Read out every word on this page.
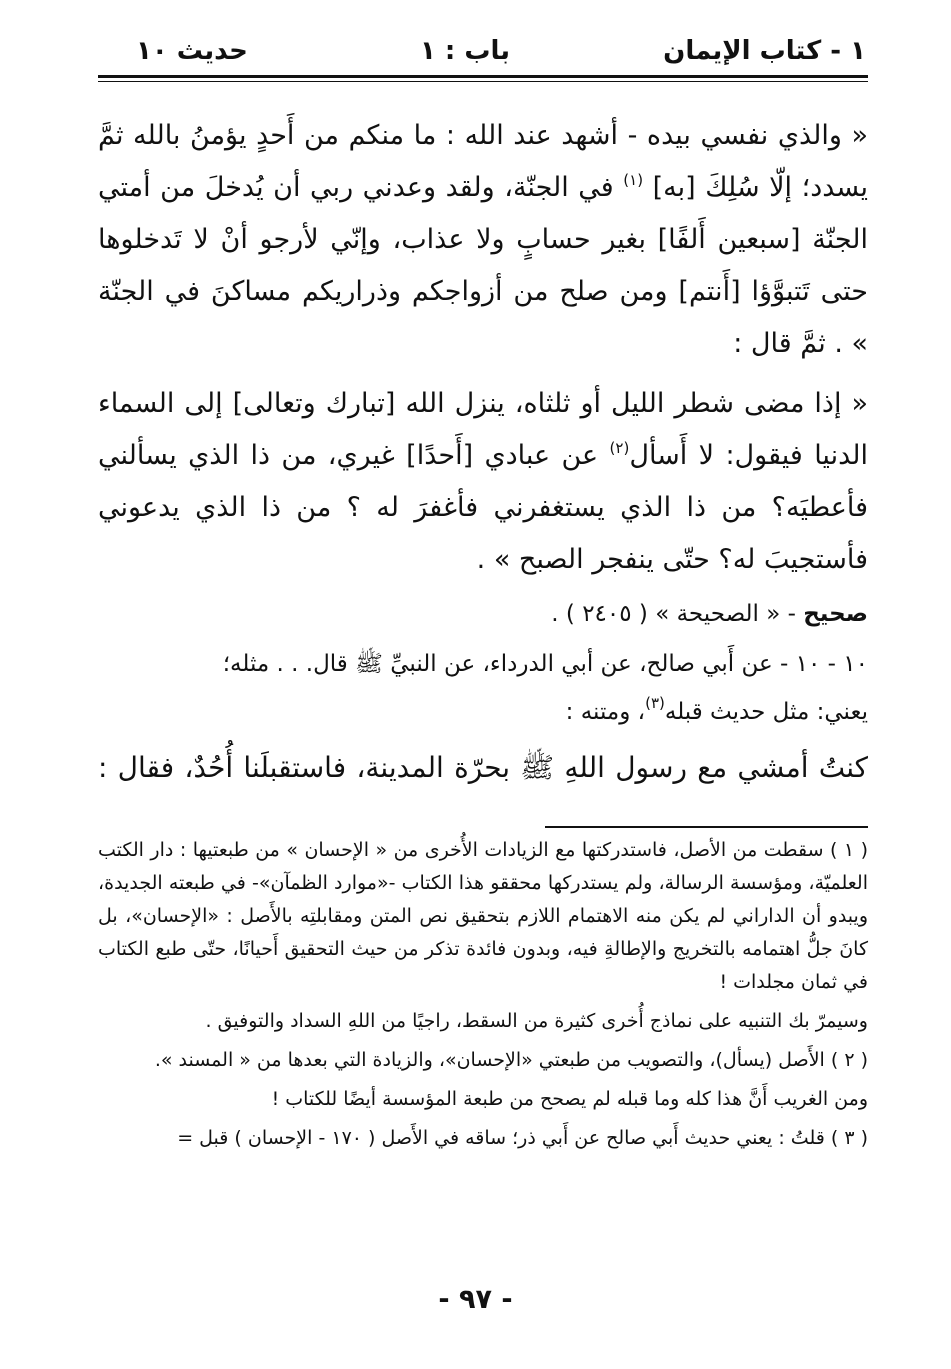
١ - كتاب الإيمان
باب : ١
حديث ١٠

« والذي نفسي بيده - أشهد عند الله : ما منكم من أَحدٍ يؤمنُ بالله ثمَّ يسدد؛ إلّا سُلِكَ [به] $^{(١)}$ في الجنّة، ولقد وعدني ربي أن يُدخلَ من أمتي الجنّة [سبعين أَلفًا] بغير حسابٍ ولا عذاب، وإنّي لأرجو أنْ لا تَدخلوها حتى تَتبوَّؤا [أَنتم] ومن صلح من أزواجكم وذراريكم مساكنَ في الجنّة » . ثمَّ قال :

« إذا مضى شطر الليل أو ثلثاه، ينزل الله [تبارك وتعالى] إلى السماء الدنيا فيقول: لا أَسأل$^{(٢)}$ عن عبادي [أَحدًا] غيري، من ذا الذي يسألني فأعطيَه؟ من ذا الذي يستغفرني فأغفرَ له ؟ من ذا الذي يدعوني فأستجيبَ له؟ حتّى ينفجر الصبح » .

صحيح - « الصحيحة » ( ٢٤٠٥ ) .

١٠ - ١٠ - عن أَبي صالح، عن أبي الدرداء، عن النبيِّ ﷺ قال. . . مثله؛

يعني: مثل حديث قبله$^{(٣)}$، ومتنه :

كنتُ أمشي مع رسول اللهِ ﷺ بحرّة المدينة، فاستقبلَنا أُحُدٌ، فقال :

( ١ ) سقطت من الأصل، فاستدركتها مع الزيادات الأُخرى من « الإحسان » من طبعتيها : دار الكتب العلميّة، ومؤسسة الرسالة، ولم يستدركها محققو هذا الكتاب -«موارد الظمآن»- في طبعته الجديدة، ويبدو أن الداراني لم يكن منه الاهتمام اللازم بتحقيق نص المتن ومقابلتِه بالأَصل : «الإحسان»، بل كانَ جلُّ اهتمامه بالتخريج والإطالةِ فيه، وبدون فائدة تذكر من حيث التحقيق أَحيانًا، حتّى طبع الكتاب في ثمان مجلدات !

وسيمرّ بك التنبيه على نماذج أُخرى كثيرة من السقط، راجيًا من اللهِ السداد والتوفيق .

( ٢ ) الأَصل (يسأل)، والتصويب من طبعتي «الإحسان»، والزيادة التي بعدها من « المسند ».

ومن الغريب أَنَّ هذا كله وما قبله لم يصحح من طبعة المؤسسة أيضًا للكتاب !

( ٣ ) قلتُ : يعني حديث أَبي صالح عن أَبي ذر؛ ساقه في الأَصل ( ١٧٠ - الإحسان ) قبل =

- ٩٧ -
